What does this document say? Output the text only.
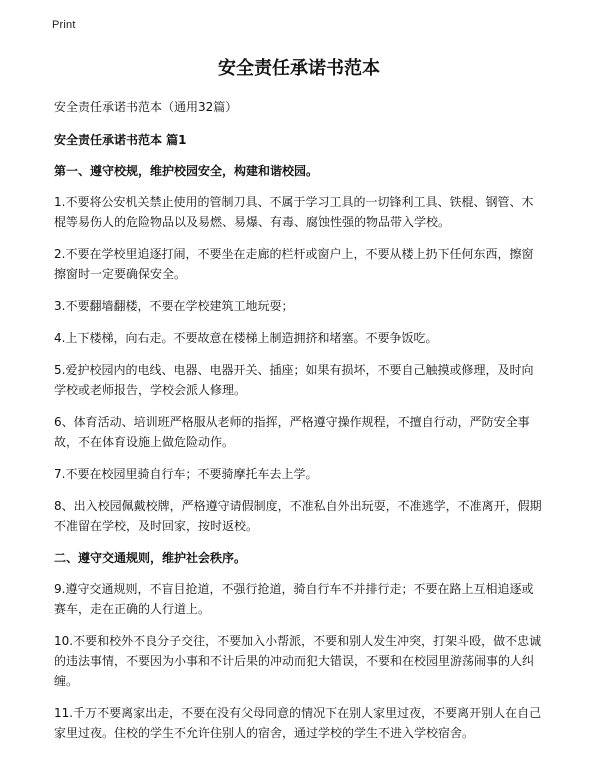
Print
安全责任承诺书范本

安全责任承诺书范本（通用32篇）

安全责任承诺书范本 篇1

第一、遵守校规，维护校园安全，构建和谐校园。

1.不要将公安机关禁止使用的管制刀具、不属于学习工具的一切锋利工具、铁棍、钢管、木棍等易伤人的危险物品以及易燃、易爆、有毒、腐蚀性强的物品带入学校。

2.不要在学校里追逐打闹，不要坐在走廊的栏杆或窗户上，不要从楼上扔下任何东西，擦窗擦窗时一定要确保安全。

3.不要翻墙翻楼，不要在学校建筑工地玩耍；

4.上下楼梯，向右走。不要故意在楼梯上制造拥挤和堵塞。不要争饭吃。

5.爱护校园内的电线、电器、电器开关、插座；如果有损坏，不要自己触摸或修理，及时向学校或老师报告，学校会派人修理。

6、体育活动、培训班严格服从老师的指挥，严格遵守操作规程，不擅自行动，严防安全事故，不在体育设施上做危险动作。

7.不要在校园里骑自行车；不要骑摩托车去上学。

8、出入校园佩戴校牌，严格遵守请假制度，不准私自外出玩耍，不准逃学，不准离开，假期不准留在学校，及时回家，按时返校。

二、遵守交通规则，维护社会秩序。

9.遵守交通规则，不盲目抢道，不强行抢道，骑自行车不并排行走；不要在路上互相追逐或赛车，走在正确的人行道上。

10.不要和校外不良分子交往，不要加入小帮派，不要和别人发生冲突，打架斗殴，做不忠诚的违法事情，不要因为小事和不计后果的冲动而犯大错误，不要和在校园里游荡闹事的人纠缠。

11.千万不要离家出走，不要在没有父母同意的情况下在别人家里过夜，不要离开别人在自己家里过夜。住校的学生不允许住别人的宿舍，通过学校的学生不进入学校宿舍。
